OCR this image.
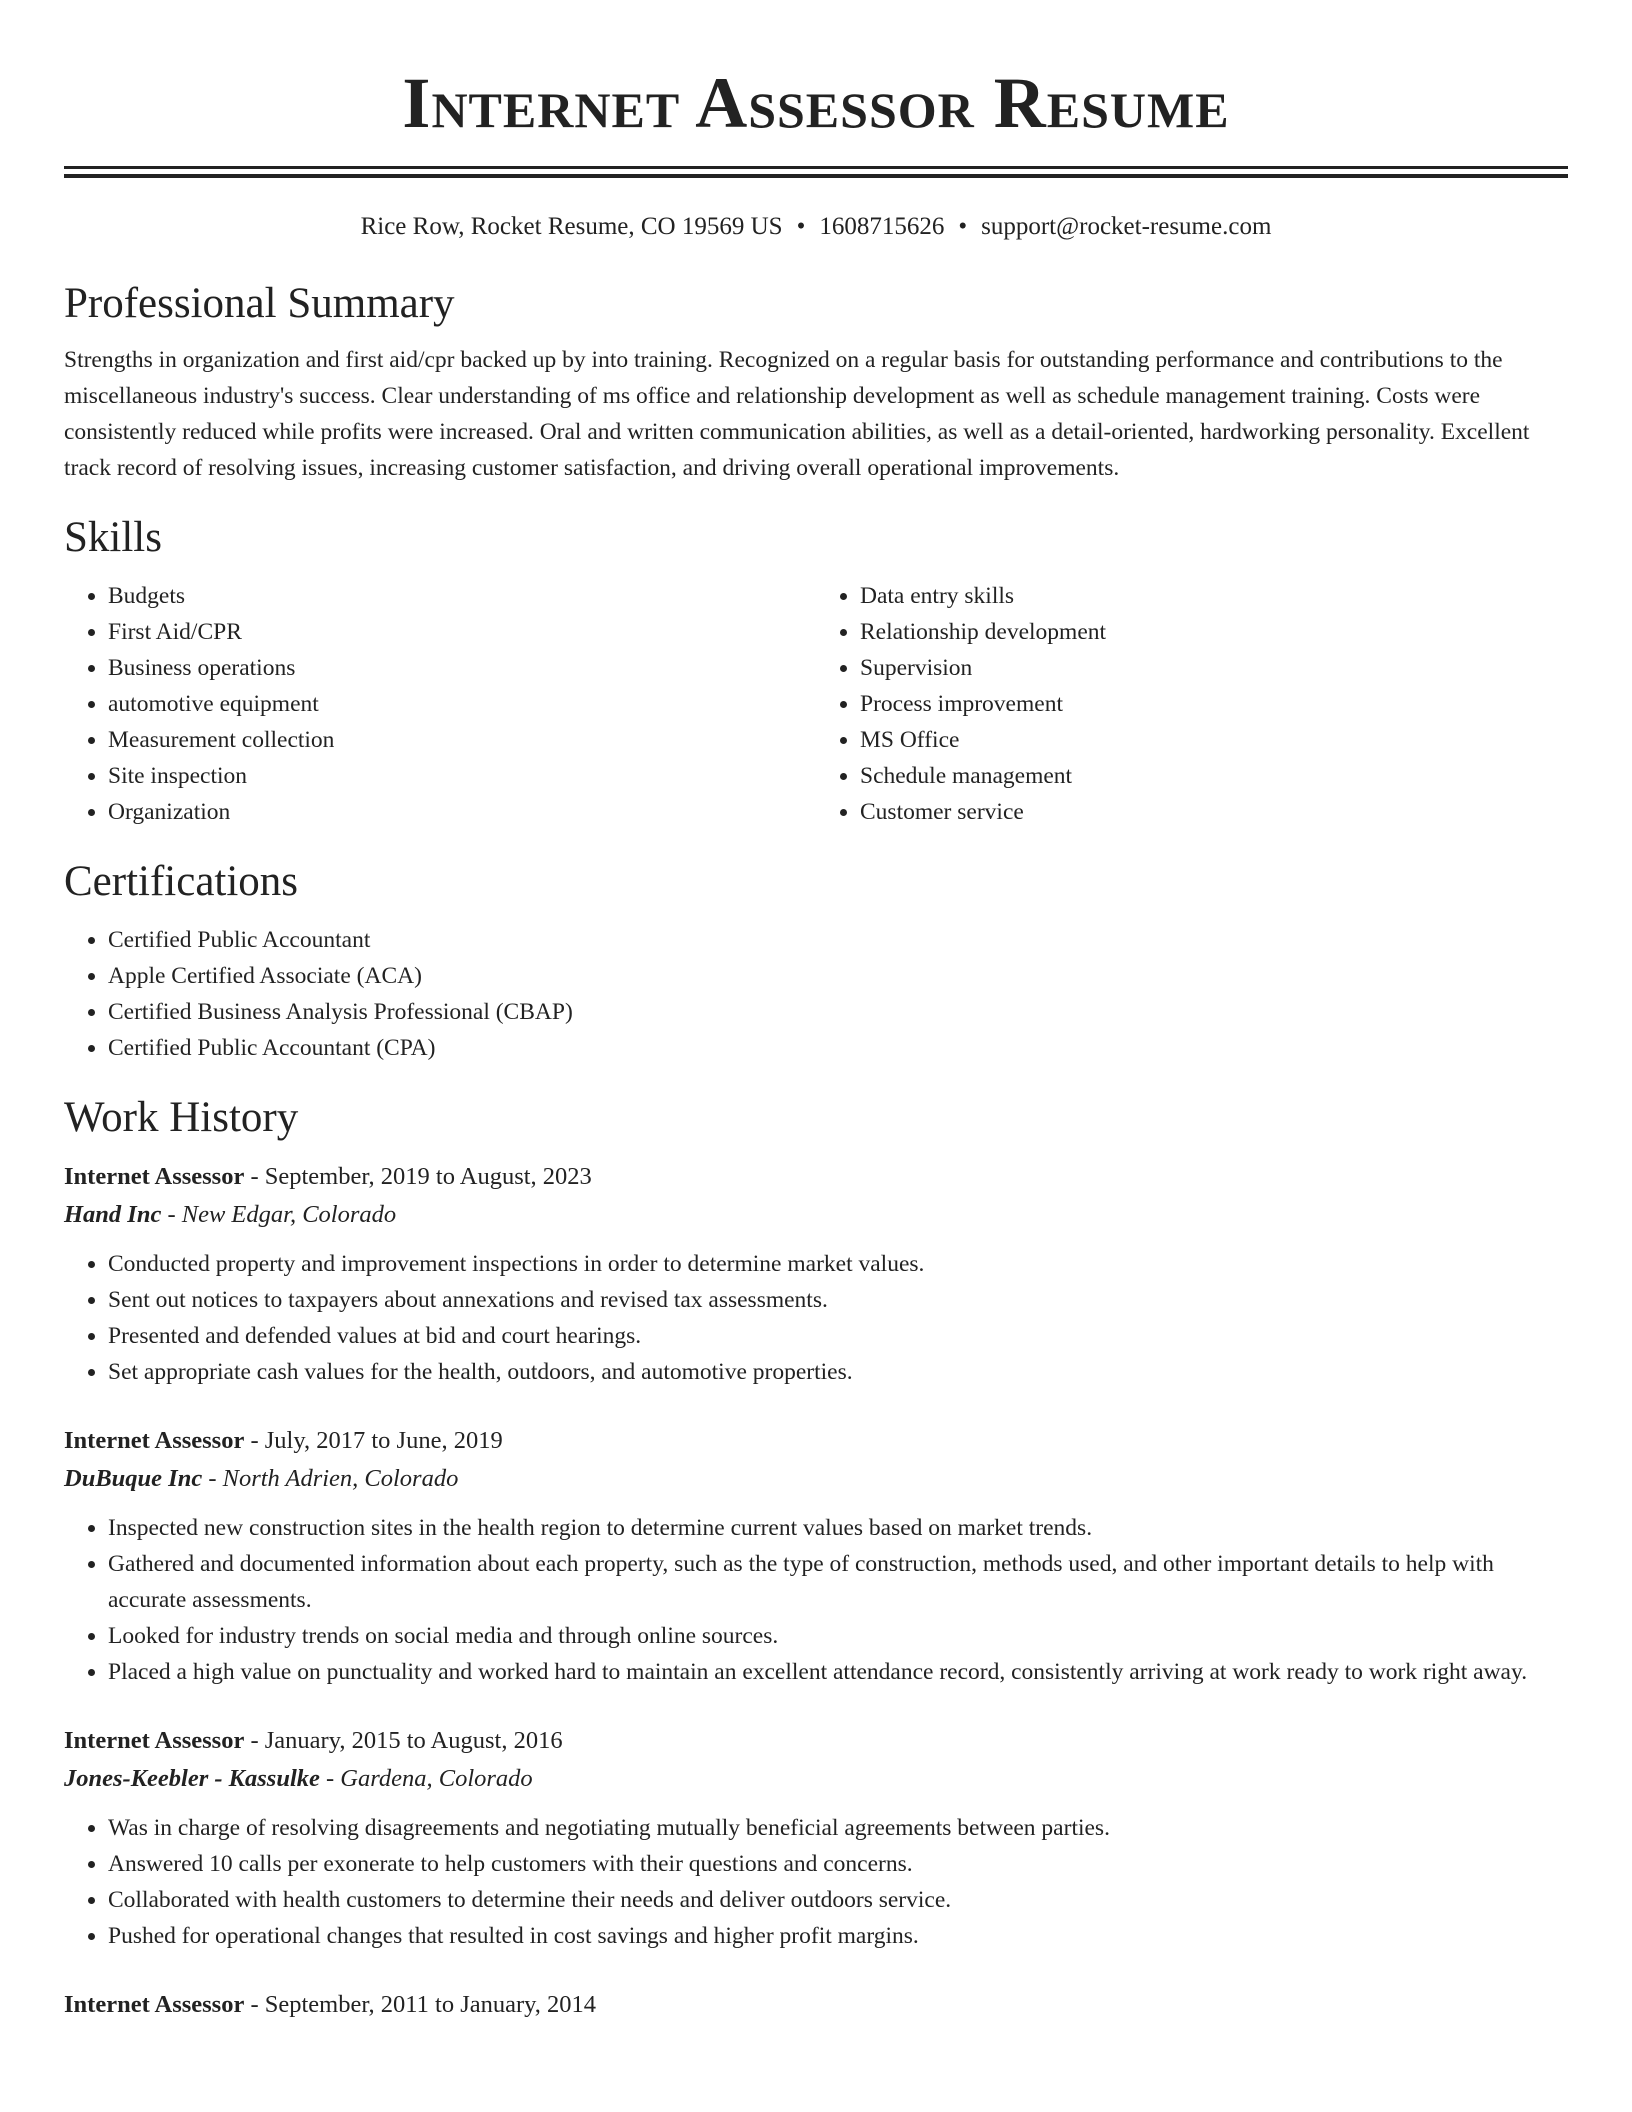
Internet Assessor Resume
Rice Row, Rocket Resume, CO 19569 US • 1608715626 • support@rocket-resume.com
Professional Summary
Strengths in organization and first aid/cpr backed up by into training. Recognized on a regular basis for outstanding performance and contributions to the miscellaneous industry's success. Clear understanding of ms office and relationship development as well as schedule management training. Costs were consistently reduced while profits were increased. Oral and written communication abilities, as well as a detail-oriented, hardworking personality. Excellent track record of resolving issues, increasing customer satisfaction, and driving overall operational improvements.
Skills
• Budgets
• First Aid/CPR
• Business operations
• automotive equipment
• Measurement collection
• Site inspection
• Organization
• Data entry skills
• Relationship development
• Supervision
• Process improvement
• MS Office
• Schedule management
• Customer service
Certifications
• Certified Public Accountant
• Apple Certified Associate (ACA)
• Certified Business Analysis Professional (CBAP)
• Certified Public Accountant (CPA)
Work History
Internet Assessor - September, 2019 to August, 2023
Hand Inc - New Edgar, Colorado
• Conducted property and improvement inspections in order to determine market values.
• Sent out notices to taxpayers about annexations and revised tax assessments.
• Presented and defended values at bid and court hearings.
• Set appropriate cash values for the health, outdoors, and automotive properties.
Internet Assessor - July, 2017 to June, 2019
DuBuque Inc - North Adrien, Colorado
• Inspected new construction sites in the health region to determine current values based on market trends.
• Gathered and documented information about each property, such as the type of construction, methods used, and other important details to help with accurate assessments.
• Looked for industry trends on social media and through online sources.
• Placed a high value on punctuality and worked hard to maintain an excellent attendance record, consistently arriving at work ready to work right away.
Internet Assessor - January, 2015 to August, 2016
Jones-Keebler - Kassulke - Gardena, Colorado
• Was in charge of resolving disagreements and negotiating mutually beneficial agreements between parties.
• Answered 10 calls per exonerate to help customers with their questions and concerns.
• Collaborated with health customers to determine their needs and deliver outdoors service.
• Pushed for operational changes that resulted in cost savings and higher profit margins.
Internet Assessor - September, 2011 to January, 2014
